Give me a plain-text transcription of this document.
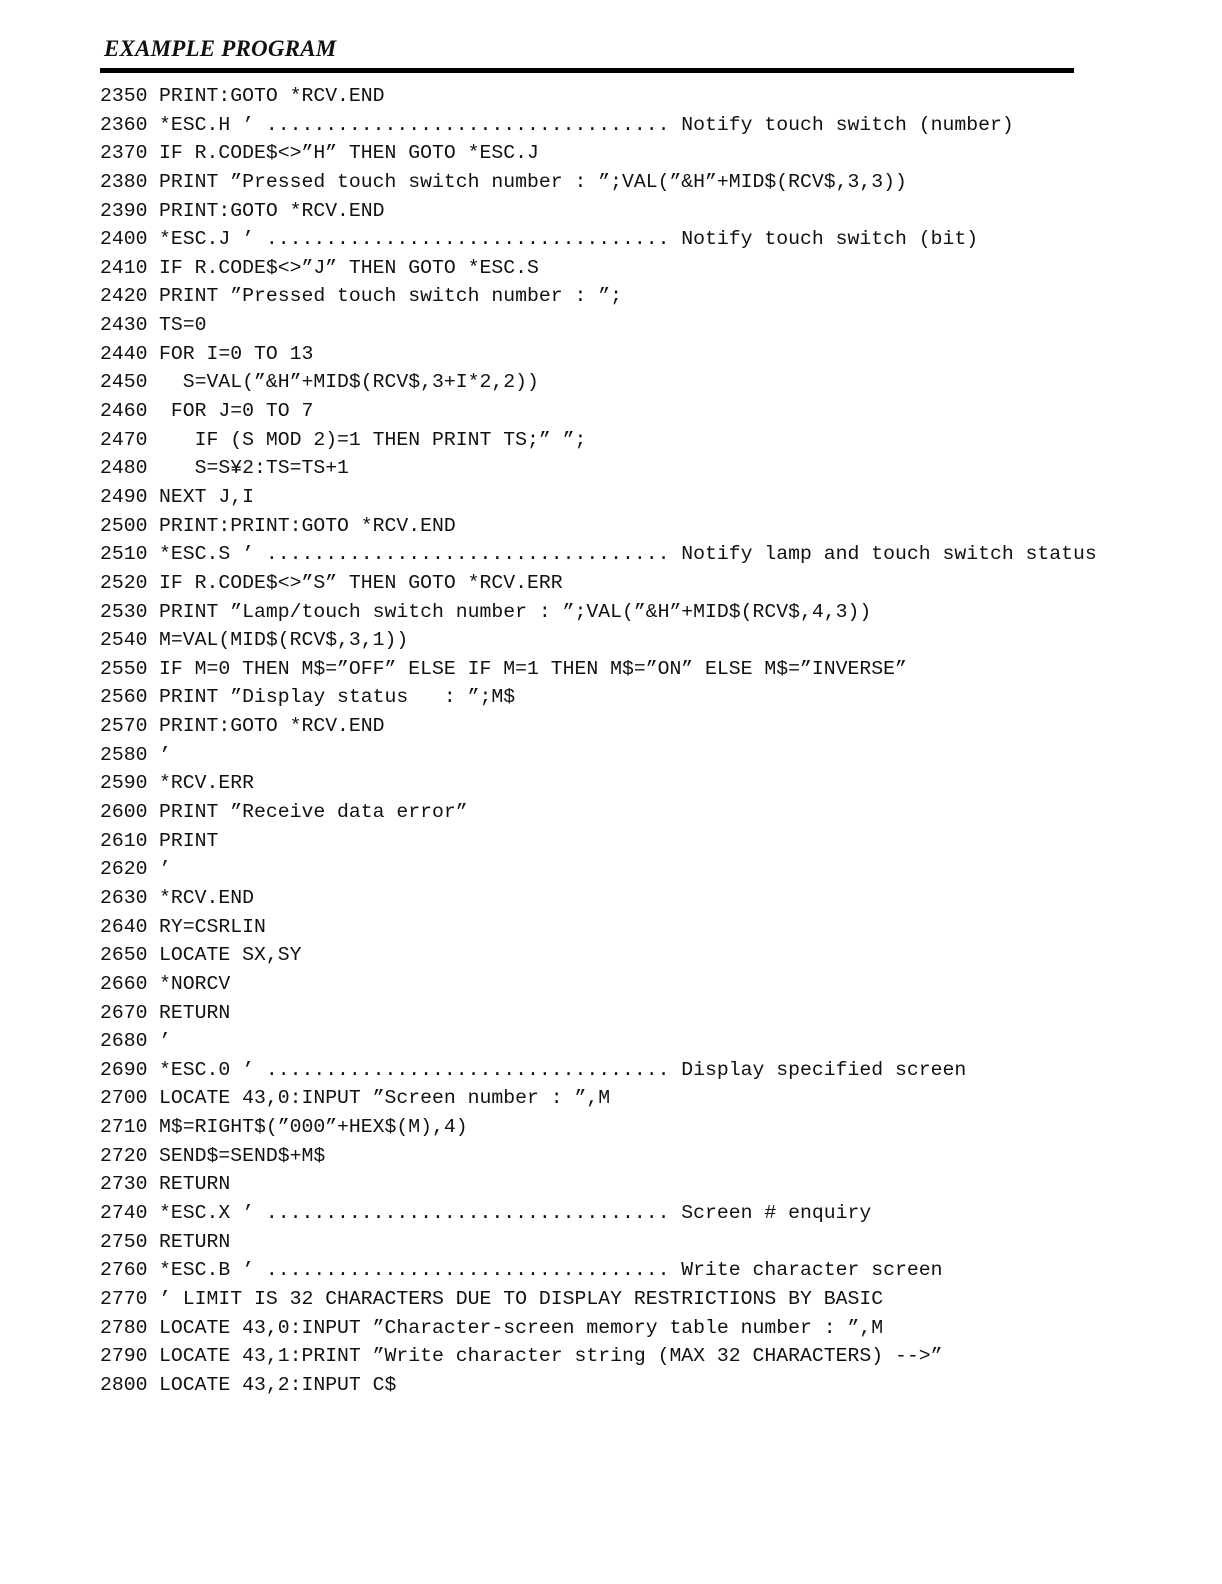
EXAMPLE PROGRAM
2350 PRINT:GOTO *RCV.END
2360 *ESC.H ’ .................................. Notify touch switch (number)
2370 IF R.CODE$<>”H” THEN GOTO *ESC.J
2380 PRINT ”Pressed touch switch number : ”;VAL(”&H”+MID$(RCV$,3,3))
2390 PRINT:GOTO *RCV.END
2400 *ESC.J ’ .................................. Notify touch switch (bit)
2410 IF R.CODE$<>”J” THEN GOTO *ESC.S
2420 PRINT ”Pressed touch switch number : ”;
2430 TS=0
2440 FOR I=0 TO 13
2450  S=VAL(”&H”+MID$(RCV$,3+I*2,2))
2460 FOR J=0 TO 7
2470   IF (S MOD 2)=1 THEN PRINT TS;” ”;
2480   S=S¥2:TS=TS+1
2490 NEXT J,I
2500 PRINT:PRINT:GOTO *RCV.END
2510 *ESC.S ’ .................................. Notify lamp and touch switch status
2520 IF R.CODE$<>”S” THEN GOTO *RCV.ERR
2530 PRINT ”Lamp/touch switch number : ”;VAL(”&H”+MID$(RCV$,4,3))
2540 M=VAL(MID$(RCV$,3,1))
2550 IF M=0 THEN M$=”OFF” ELSE IF M=1 THEN M$=”ON” ELSE M$=”INVERSE”
2560 PRINT ”Display status   : ”;M$
2570 PRINT:GOTO *RCV.END
2580 ’
2590 *RCV.ERR
2600 PRINT ”Receive data error”
2610 PRINT
2620 ’
2630 *RCV.END
2640 RY=CSRLIN
2650 LOCATE SX,SY
2660 *NORCV
2670 RETURN
2680 ’
2690 *ESC.0 ’ .................................. Display specified screen
2700 LOCATE 43,0:INPUT ”Screen number : ”,M
2710 M$=RIGHT$(”000”+HEX$(M),4)
2720 SEND$=SEND$+M$
2730 RETURN
2740 *ESC.X ’ .................................. Screen # enquiry
2750 RETURN
2760 *ESC.B ’ .................................. Write character screen
2770 ’ LIMIT IS 32 CHARACTERS DUE TO DISPLAY RESTRICTIONS BY BASIC
2780 LOCATE 43,0:INPUT ”Character-screen memory table number : ”,M
2790 LOCATE 43,1:PRINT ”Write character string (MAX 32 CHARACTERS) -->”
2800 LOCATE 43,2:INPUT C$
